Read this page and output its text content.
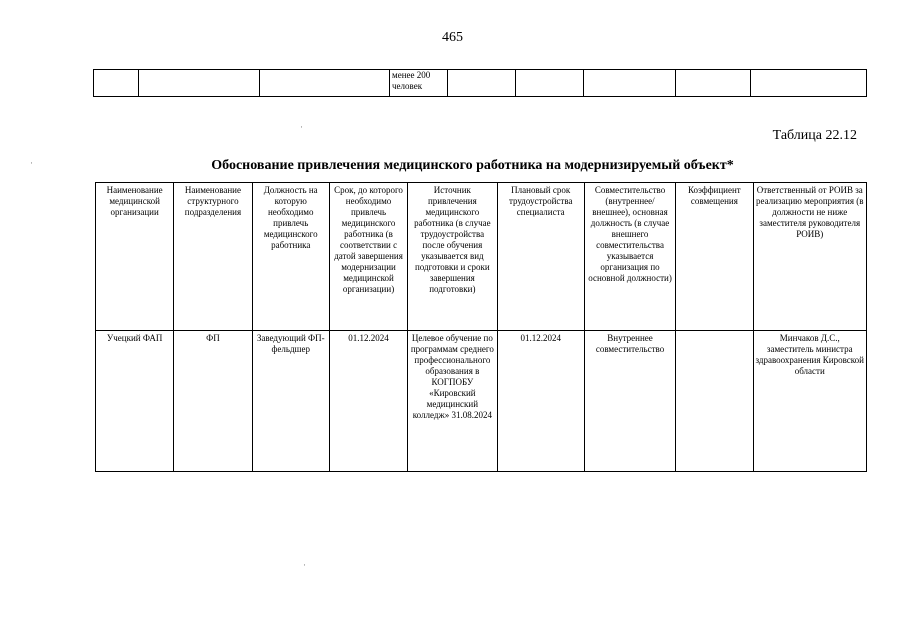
465
			менее 200 человек					
Таблица 22.12
Обоснование привлечения медицинского работника на модернизируемый объект*
Наименование медицинской организации	Наименование структурного подразделения	Должность на которую необходимо привлечь медицинского работника	Срок, до которого необходимо привлечь медицинского работника (в соответствии с датой завершения модернизации медицинской организации)	Источник привлечения медицинского работника (в случае трудоустройства после обучения указывается вид подготовки и сроки завершения подготовки)	Плановый срок трудоустройства специалиста	Совместительство (внутреннее/внешнее), основная должность (в случае внешнего совместительства указывается организация по основной должности)	Коэффициент совмещения	Ответственный от РОИВ за реализацию мероприятия (в должности не ниже заместителя руководителя РОИВ)
Учецкий ФАП	ФП	Заведующий ФП-фельдшер	01.12.2024	Целевое обучение по программам среднего профессионального образования в КОГПОБУ «Кировский медицинский колледж» 31.08.2024	01.12.2024	Внутреннее совместительство		Минчаков Д.С., заместитель министра здравоохранения Кировской области
·
·
·
